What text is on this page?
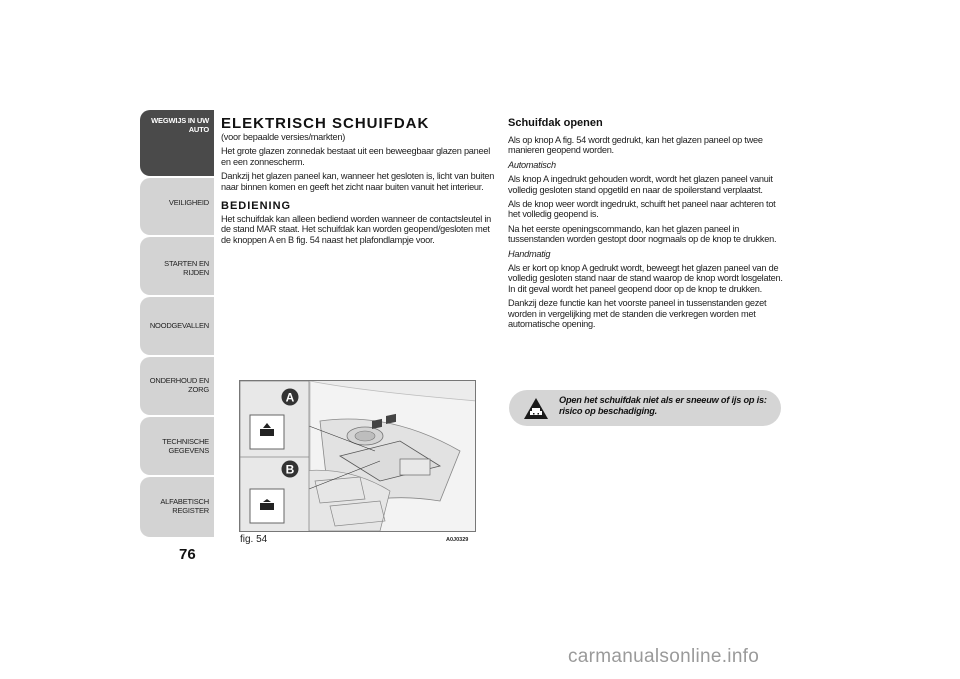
WEGWIJS IN UW
AUTO
VEILIGHEID
STARTEN EN RIJDEN
NOODGEVALLEN
ONDERHOUD EN
ZORG
TECHNISCHE
GEGEVENS
ALFABETISCH
REGISTER
76
ELEKTRISCH SCHUIFDAK

(voor bepaalde versies/markten)

Het grote glazen zonnedak bestaat uit een beweegbaar glazen paneel en een zonnescherm.

Dankzij het glazen paneel kan, wanneer het gesloten is, licht van buiten naar binnen komen en geeft het zicht naar buiten vanuit het interieur.

BEDIENING

Het schuifdak kan alleen bediend worden wanneer de contactsleutel in de stand MAR staat. Het schuifdak kan worden geopend/gesloten met de knoppen A en B fig. 54 naast het plafondlampje voor.

Schuifdak openen

Als op knop A fig. 54 wordt gedrukt, kan het glazen paneel op twee manieren geopend worden.

Automatisch

Als knop A ingedrukt gehouden wordt, wordt het glazen paneel vanuit volledig gesloten stand opgetild en naar de spoilerstand verplaatst.

Als de knop weer wordt ingedrukt, schuift het paneel naar achteren tot het volledig geopend is.

Na het eerste openingscommando, kan het glazen paneel in tussenstanden worden gestopt door nogmaals op de knop te drukken.

Handmatig

Als er kort op knop A gedrukt wordt, beweegt het glazen paneel van de volledig gesloten stand naar de stand waarop de knop wordt losgelaten. In dit geval wordt het paneel geopend door op de knop te drukken.

Dankzij deze functie kan het voorste paneel in tussenstanden gezet worden in vergelijking met de standen die verkregen worden met automatische opening.

Open het schuifdak niet als er sneeuw of ijs op is: risico op beschadiging.
A
B
fig. 54	A0J0329
carmanualsonline.info
